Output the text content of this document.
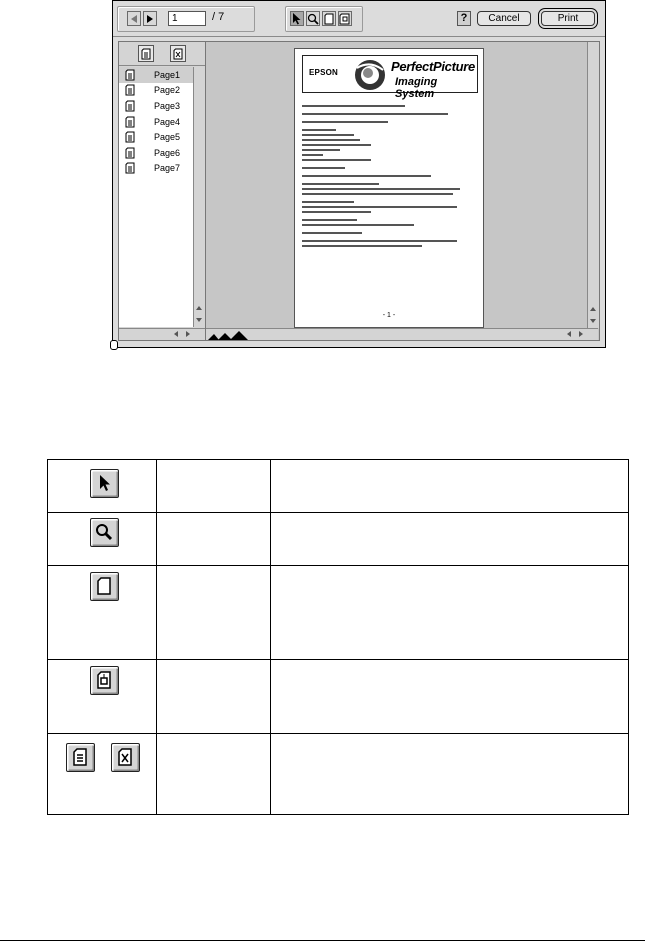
1	/ 7	?	Cancel	Print
Page1
Page2
Page3
Page4
Page5
Page6
Page7
EPSON	PerfectPicture
Imaging System
- 1 -
